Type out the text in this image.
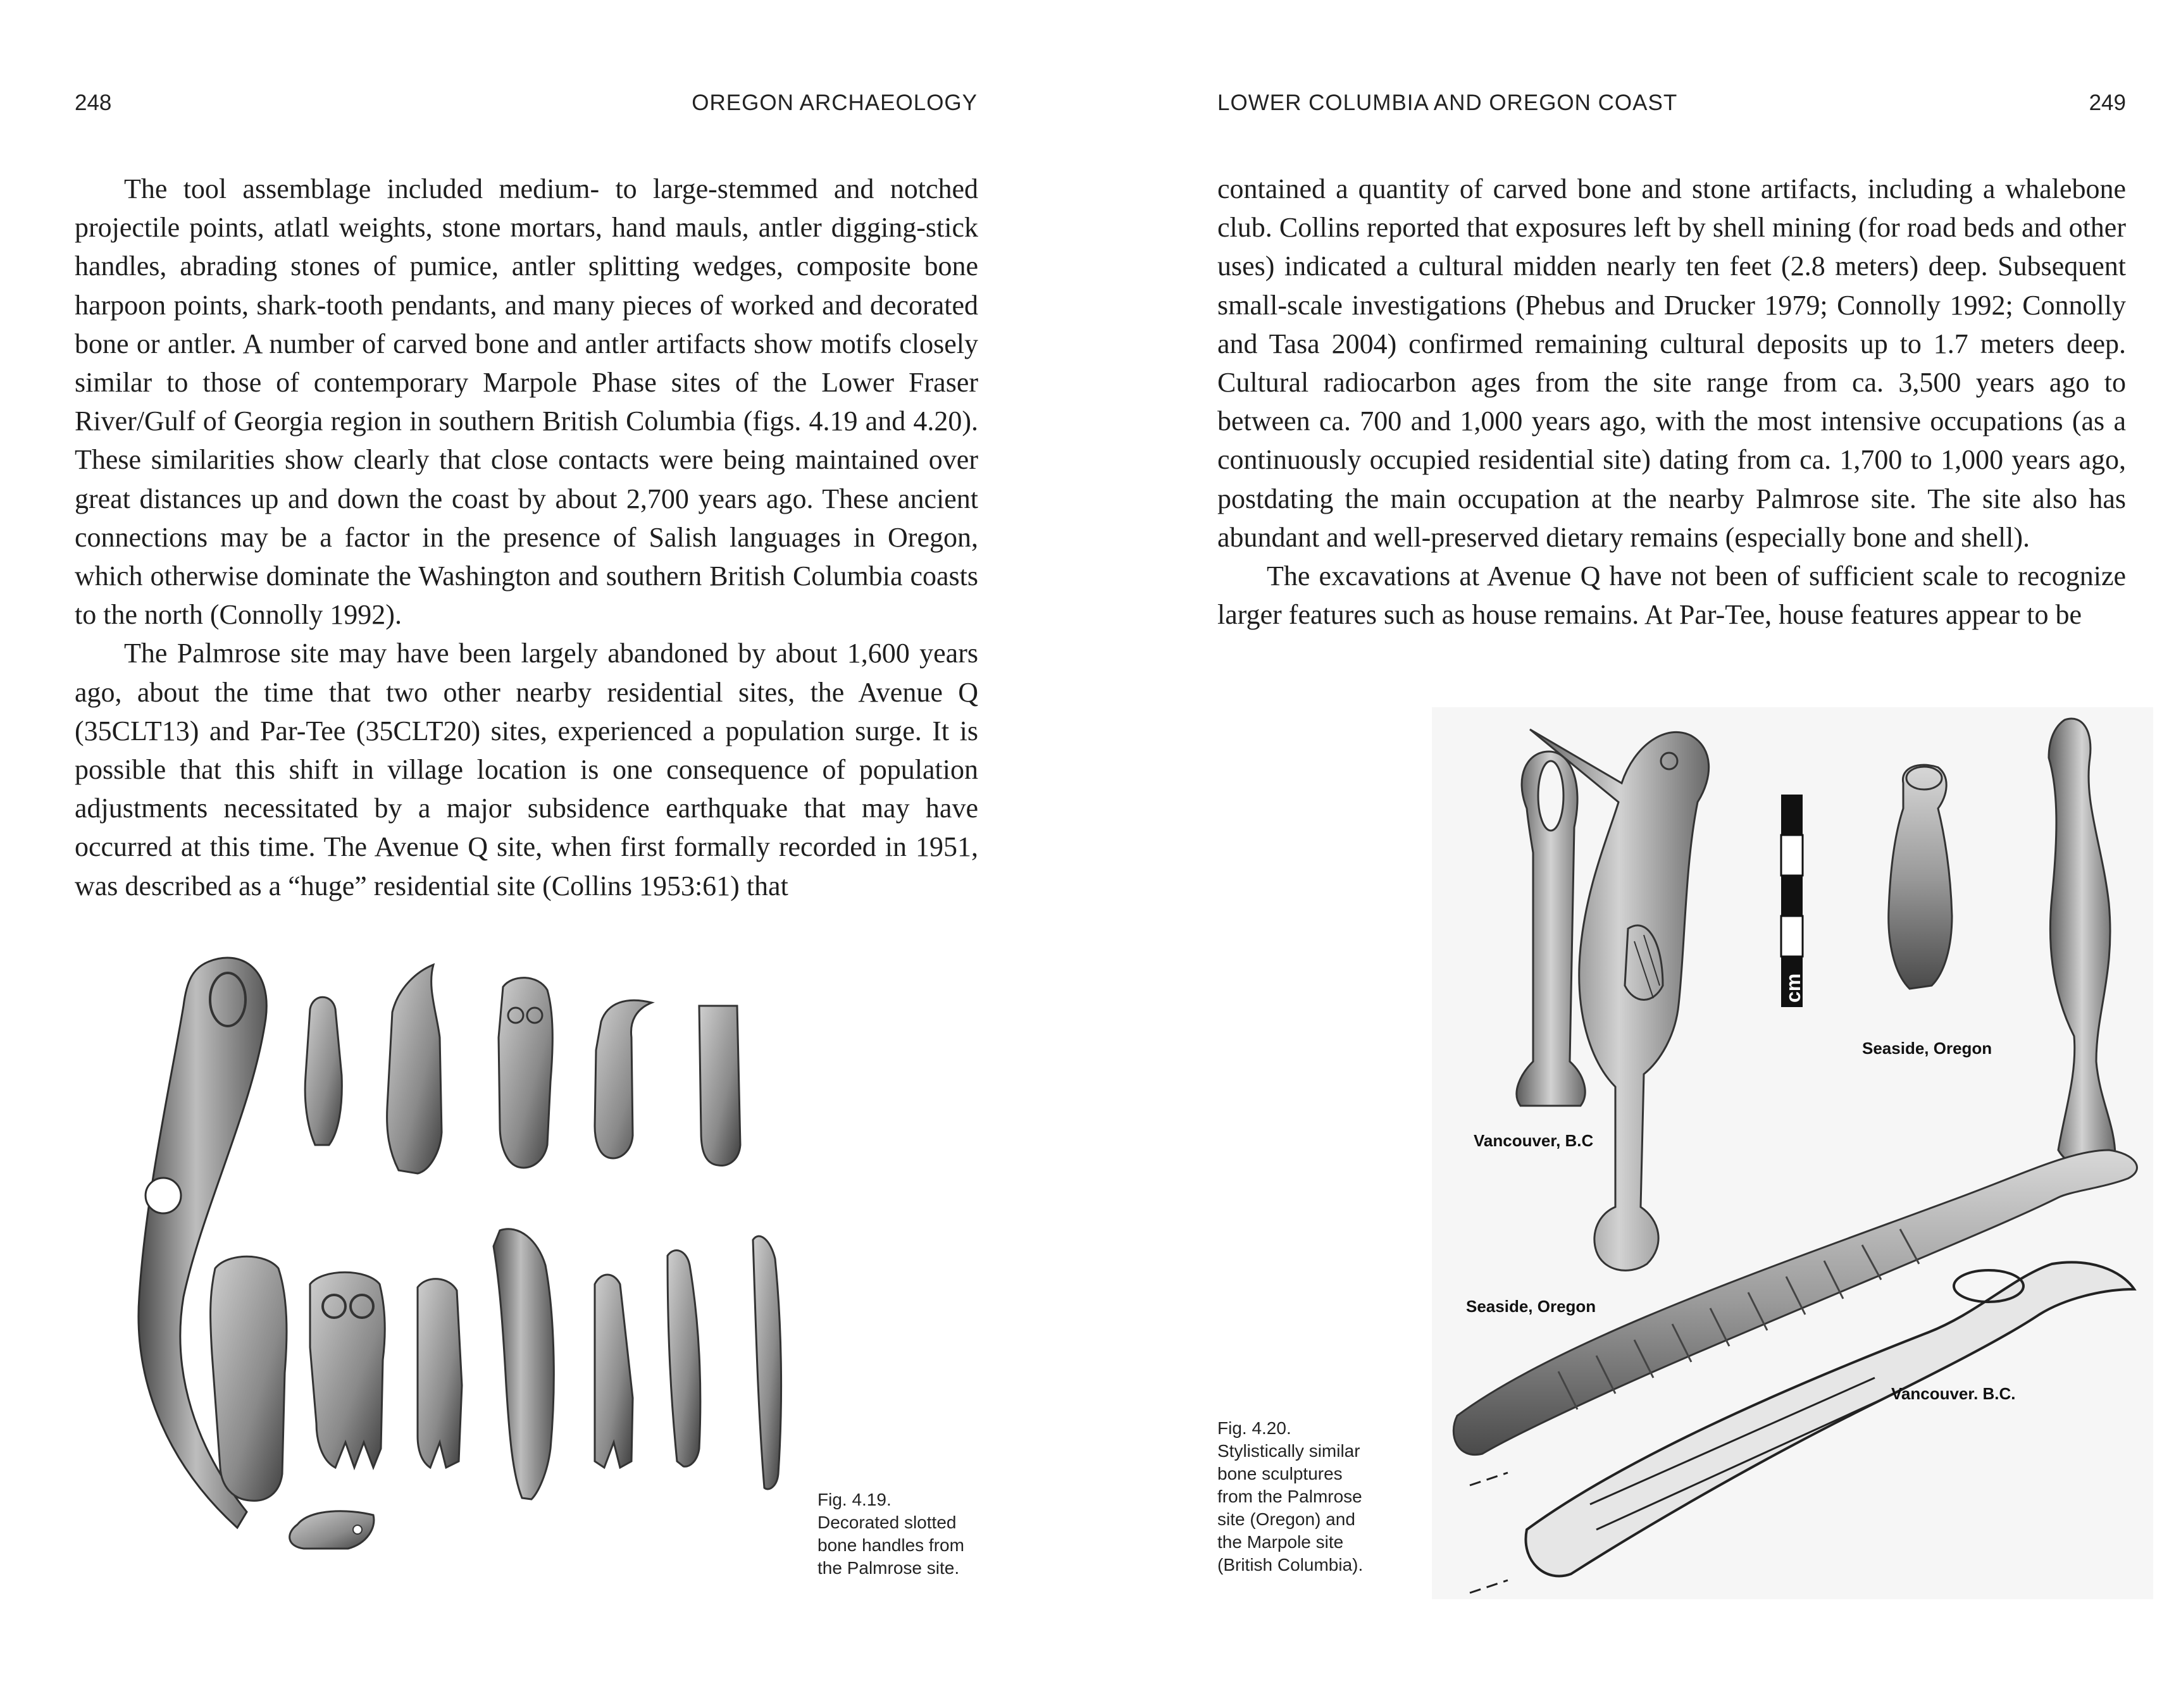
248	OREGON ARCHAEOLOGY

The tool assemblage included medium- to large-stemmed and notched projectile points, atlatl weights, stone mortars, hand mauls, antler digging-stick handles, abrading stones of pumice, antler splitting wedges, composite bone harpoon points, shark-tooth pendants, and many pieces of worked and decorated bone or antler. A number of carved bone and antler artifacts show motifs closely similar to those of contemporary Marpole Phase sites of the Lower Fraser River/Gulf of Georgia region in southern British Columbia (figs. 4.19 and 4.20). These similarities show clearly that close contacts were being maintained over great distances up and down the coast by about 2,700 years ago. These ancient connections may be a factor in the presence of Salish languages in Oregon, which otherwise dominate the Washington and southern British Columbia coasts to the north (Connolly 1992).

The Palmrose site may have been largely abandoned by about 1,600 years ago, about the time that two other nearby residential sites, the Avenue Q (35CLT13) and Par-Tee (35CLT20) sites, experienced a population surge. It is possible that this shift in village location is one consequence of population adjustments necessitated by a major subsidence earthquake that may have occurred at this time. The Avenue Q site, when first formally recorded in 1951, was described as a “huge” residential site (Collins 1953:61) that

Fig. 4.19.
Decorated slotted
bone handles from
the Palmrose site.
LOWER COLUMBIA AND OREGON COAST	249

contained a quantity of carved bone and stone artifacts, including a whalebone club. Collins reported that exposures left by shell mining (for road beds and other uses) indicated a cultural midden nearly ten feet (2.8 meters) deep. Subsequent small-scale investigations (Phebus and Drucker 1979; Connolly 1992; Connolly and Tasa 2004) confirmed remaining cultural deposits up to 1.7 meters deep. Cultural radiocarbon ages from the site range from ca. 3,500 years ago to between ca. 700 and 1,000 years ago, with the most intensive occupations (as a continuously occupied residential site) dating from ca. 1,700 to 1,000 years ago, postdating the main occupation at the nearby Palmrose site. The site also has abundant and well-preserved dietary remains (especially bone and shell).

The excavations at Avenue Q have not been of sufficient scale to recognize larger features such as house remains. At Par-Tee, house features appear to be

cm
Vancouver, B.C
Seaside, Oregon
Seaside, Oregon
Vancouver. B.C.
Fig. 4.20.
Stylistically similar
bone sculptures
from the Palmrose
site (Oregon) and
the Marpole site
(British Columbia).
